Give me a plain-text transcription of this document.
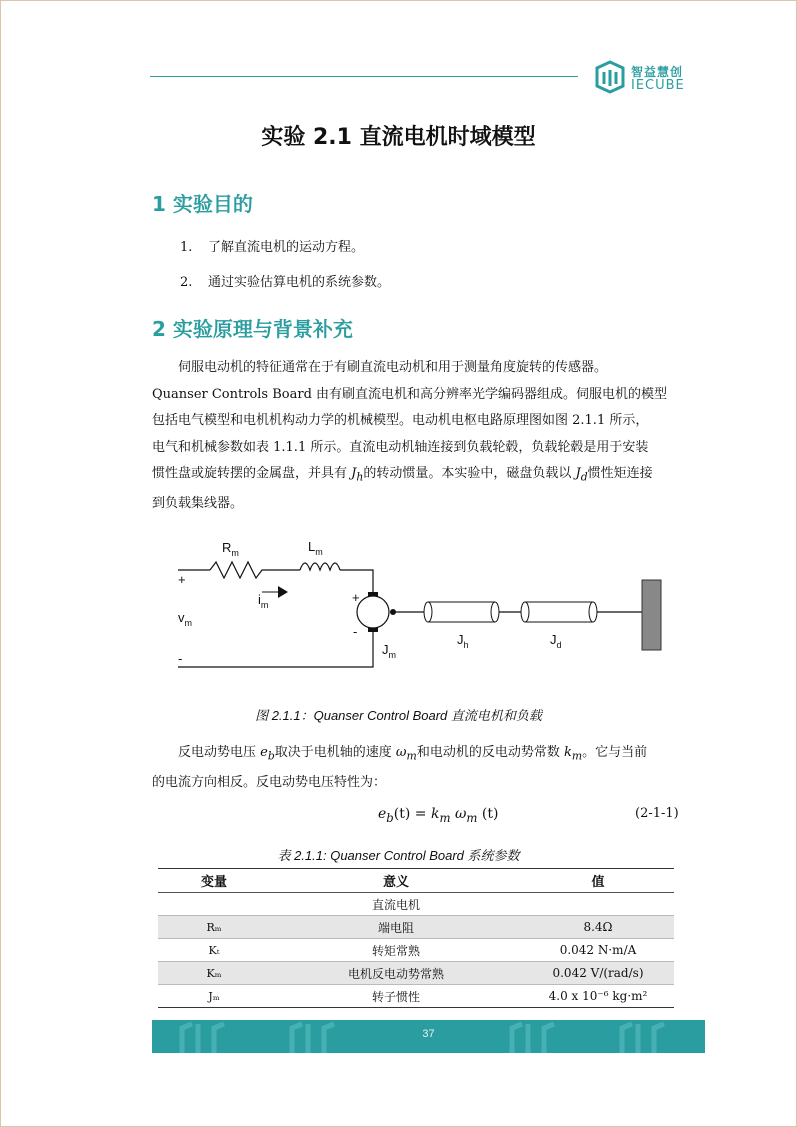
智益慧创
IECUBE
实验 2.1 直流电机时域模型
1 实验目的
1. 了解直流电机的运动方程。
2. 通过实验估算电机的系统参数。
2 实验原理与背景补充
伺服电动机的特征通常在于有刷直流电动机和用于测量角度旋转的传感器。
Quanser Controls Board 由有刷直流电机和高分辨率光学编码器组成。伺服电机的模型
包括电气模型和电机机构动力学的机械模型。电动机电枢电路原理图如图 2.1.1 所示，
电气和机械参数如表 1.1.1 所示。直流电动机轴连接到负载轮毂，负载轮毂是用于安装
惯性盘或旋转摆的金属盘，并具有 $J_h$的转动惯量。本实验中，磁盘负载以 $J_d$惯性矩连接
到负载集线器。
$R_m$	$L_m$
+
$v_m$
-
$i_m$	+
-
$J_m$
$J_h$	$J_d$
图 2.1.1：Quanser Control Board 直流电机和负载
反电动势电压 $e_b$取决于电机轴的速度 $\omega_m$和电动机的反电动势常数 $k_m$。它与当前
的电流方向相反。反电动势电压特性为：
$e_b(t) = k_m$ $\omega_m$ (t)	(2-1-1)
表 2.1.1: Quanser Control Board 系统参数
变量	意义	值
	直流电机	
Rₘ	端电阻	8.4Ω
Kₜ	转矩常熟	0.042 N·m/A
Kₘ	电机反电动势常熟	0.042 V/(rad/s)
Jₘ	转子惯性	4.0 x 10⁻⁶ kg·m²
37
